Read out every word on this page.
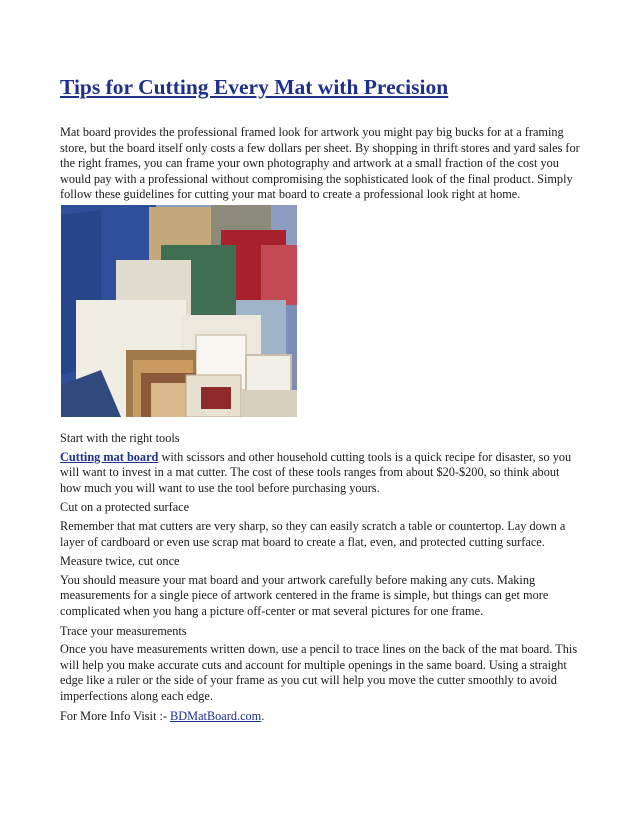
Tips for Cutting Every Mat with Precision

Mat board provides the professional framed look for artwork you might pay big bucks for at a framing store, but the board itself only costs a few dollars per sheet. By shopping in thrift stores and yard sales for the right frames, you can frame your own photography and artwork at a small fraction of the cost you would pay with a professional without compromising the sophisticated look of the final product. Simply follow these guidelines for cutting your mat board to create a professional look right at home.

Start with the right tools

Cutting mat board with scissors and other household cutting tools is a quick recipe for disaster, so you will want to invest in a mat cutter. The cost of these tools ranges from about $20-$200, so think about how much you will want to use the tool before purchasing yours.

Cut on a protected surface

Remember that mat cutters are very sharp, so they can easily scratch a table or countertop. Lay down a layer of cardboard or even use scrap mat board to create a flat, even, and protected cutting surface.

Measure twice, cut once

You should measure your mat board and your artwork carefully before making any cuts. Making measurements for a single piece of artwork centered in the frame is simple, but things can get more complicated when you hang a picture off-center or mat several pictures for one frame.

Trace your measurements

Once you have measurements written down, use a pencil to trace lines on the back of the mat board. This will help you make accurate cuts and account for multiple openings in the same board. Using a straight edge like a ruler or the side of your frame as you cut will help you move the cutter smoothly to avoid imperfections along each edge.

For More Info Visit :- BDMatBoard.com.
